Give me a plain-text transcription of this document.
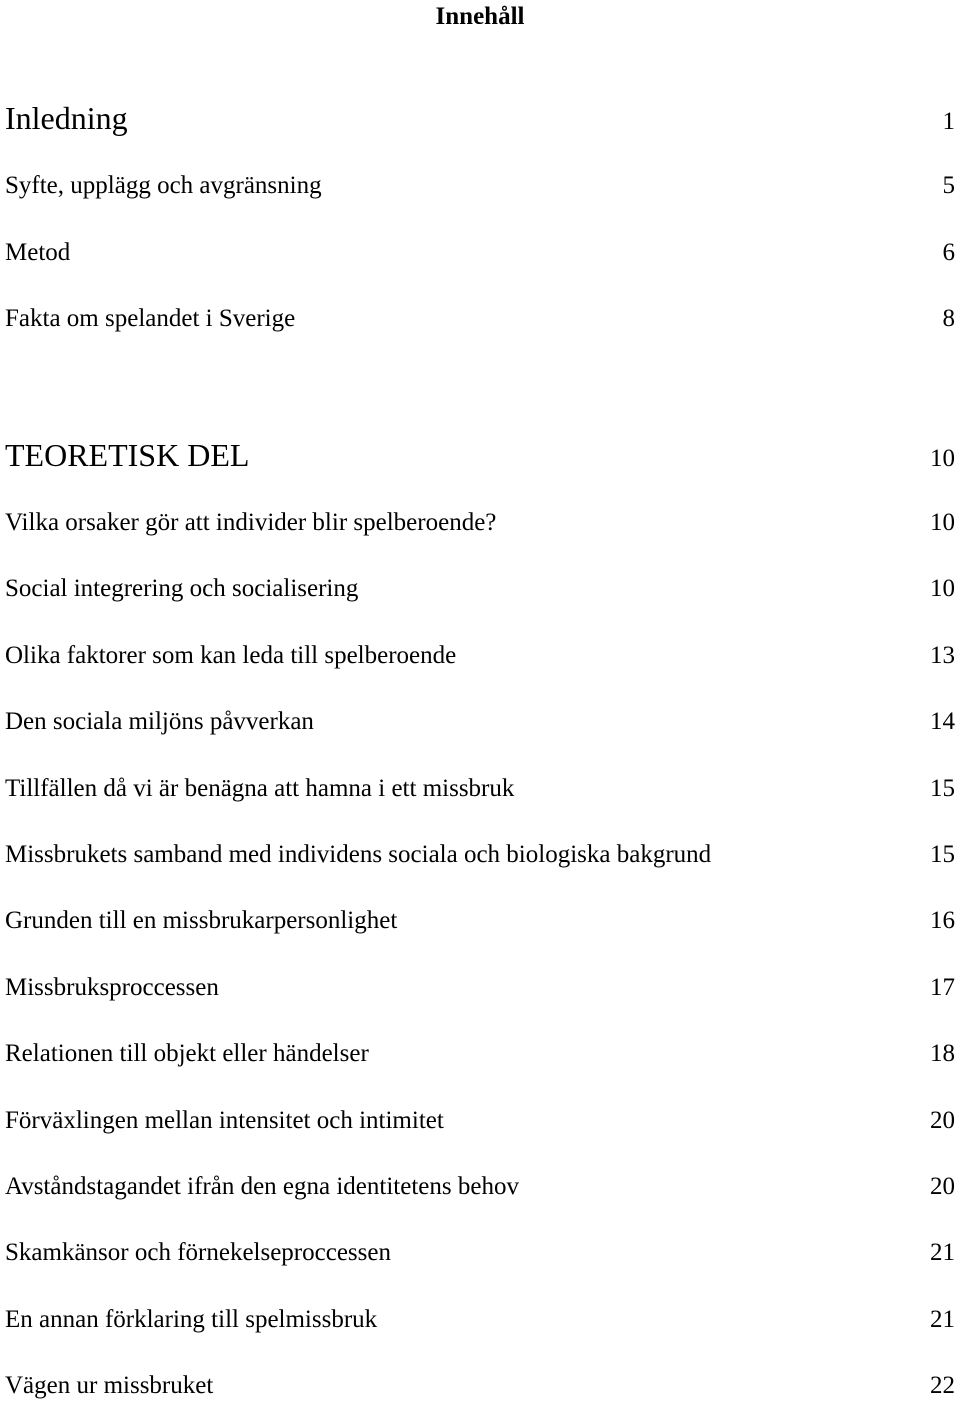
Innehåll
Inledning	1
Syfte, upplägg och avgränsning	5
Metod	6
Fakta om spelandet i Sverige	8
TEORETISK DEL	10
Vilka orsaker gör att individer blir spelberoende?	10
Social integrering och socialisering	10
Olika faktorer som kan leda till spelberoende	13
Den sociala miljöns påvverkan	14
Tillfällen då vi är benägna att hamna i ett missbruk	15
Missbrukets samband med individens sociala och biologiska bakgrund	15
Grunden till en missbrukarpersonlighet	16
Missbruksproccessen	17
Relationen till objekt eller händelser	18
Förväxlingen mellan intensitet och intimitet	20
Avståndstagandet ifrån den egna identitetens behov	20
Skamkänsor och förnekelseproccessen	21
En annan förklaring till spelmissbruk	21
Vägen ur missbruket	22
